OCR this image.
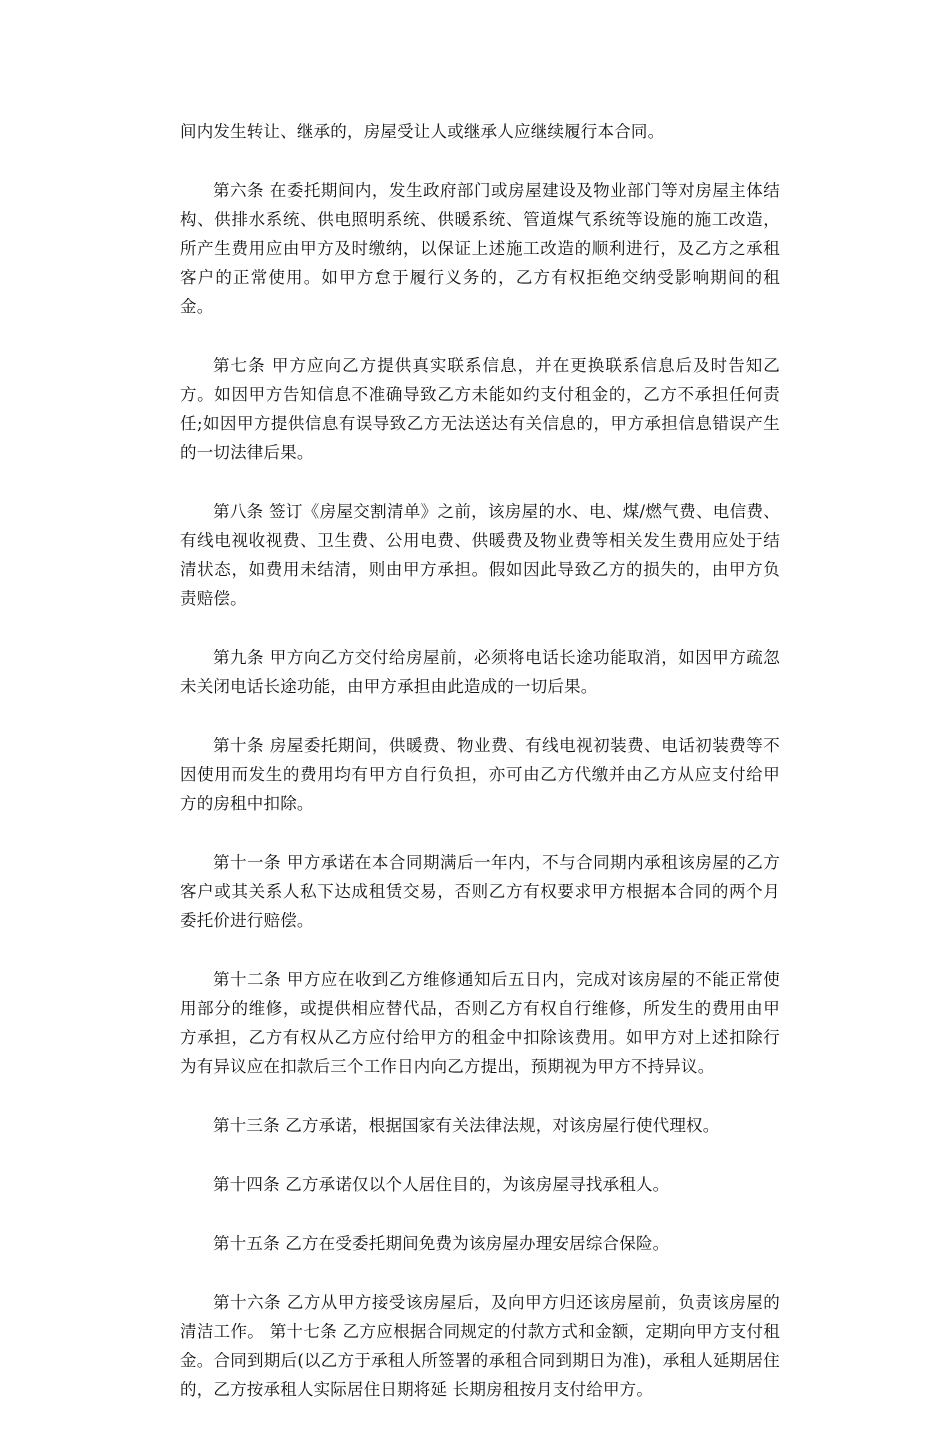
间内发生转让、继承的，房屋受让人或继承人应继续履行本合同。

第六条 在委托期间内，发生政府部门或房屋建设及物业部门等对房屋主体结构、供排水系统、供电照明系统、供暖系统、管道煤气系统等设施的施工改造，所产生费用应由甲方及时缴纳，以保证上述施工改造的顺利进行，及乙方之承租客户的正常使用。如甲方怠于履行义务的，乙方有权拒绝交纳受影响期间的租金。

第七条 甲方应向乙方提供真实联系信息，并在更换联系信息后及时告知乙方。如因甲方告知信息不准确导致乙方未能如约支付租金的，乙方不承担任何责任;如因甲方提供信息有误导致乙方无法送达有关信息的，甲方承担信息错误产生的一切法律后果。

第八条 签订《房屋交割清单》之前，该房屋的水、电、煤/燃气费、电信费、有线电视收视费、卫生费、公用电费、供暖费及物业费等相关发生费用应处于结清状态，如费用未结清，则由甲方承担。假如因此导致乙方的损失的，由甲方负责赔偿。

第九条 甲方向乙方交付给房屋前，必须将电话长途功能取消，如因甲方疏忽未关闭电话长途功能，由甲方承担由此造成的一切后果。

第十条 房屋委托期间，供暖费、物业费、有线电视初装费、电话初装费等不因使用而发生的费用均有甲方自行负担，亦可由乙方代缴并由乙方从应支付给甲方的房租中扣除。

第十一条 甲方承诺在本合同期满后一年内，不与合同期内承租该房屋的乙方客户或其关系人私下达成租赁交易，否则乙方有权要求甲方根据本合同的两个月委托价进行赔偿。

第十二条 甲方应在收到乙方维修通知后五日内，完成对该房屋的不能正常使用部分的维修，或提供相应替代品，否则乙方有权自行维修，所发生的费用由甲方承担，乙方有权从乙方应付给甲方的租金中扣除该费用。如甲方对上述扣除行为有异议应在扣款后三个工作日内向乙方提出，预期视为甲方不持异议。

第十三条 乙方承诺，根据国家有关法律法规，对该房屋行使代理权。

第十四条 乙方承诺仅以个人居住目的，为该房屋寻找承租人。

第十五条 乙方在受委托期间免费为该房屋办理安居综合保险。

第十六条 乙方从甲方接受该房屋后，及向甲方归还该房屋前，负责该房屋的清洁工作。 第十七条 乙方应根据合同规定的付款方式和金额，定期向甲方支付租金。合同到期后(以乙方于承租人所签署的承租合同到期日为准)，承租人延期居住的，乙方按承租人实际居住日期将延 长期房租按月支付给甲方。
